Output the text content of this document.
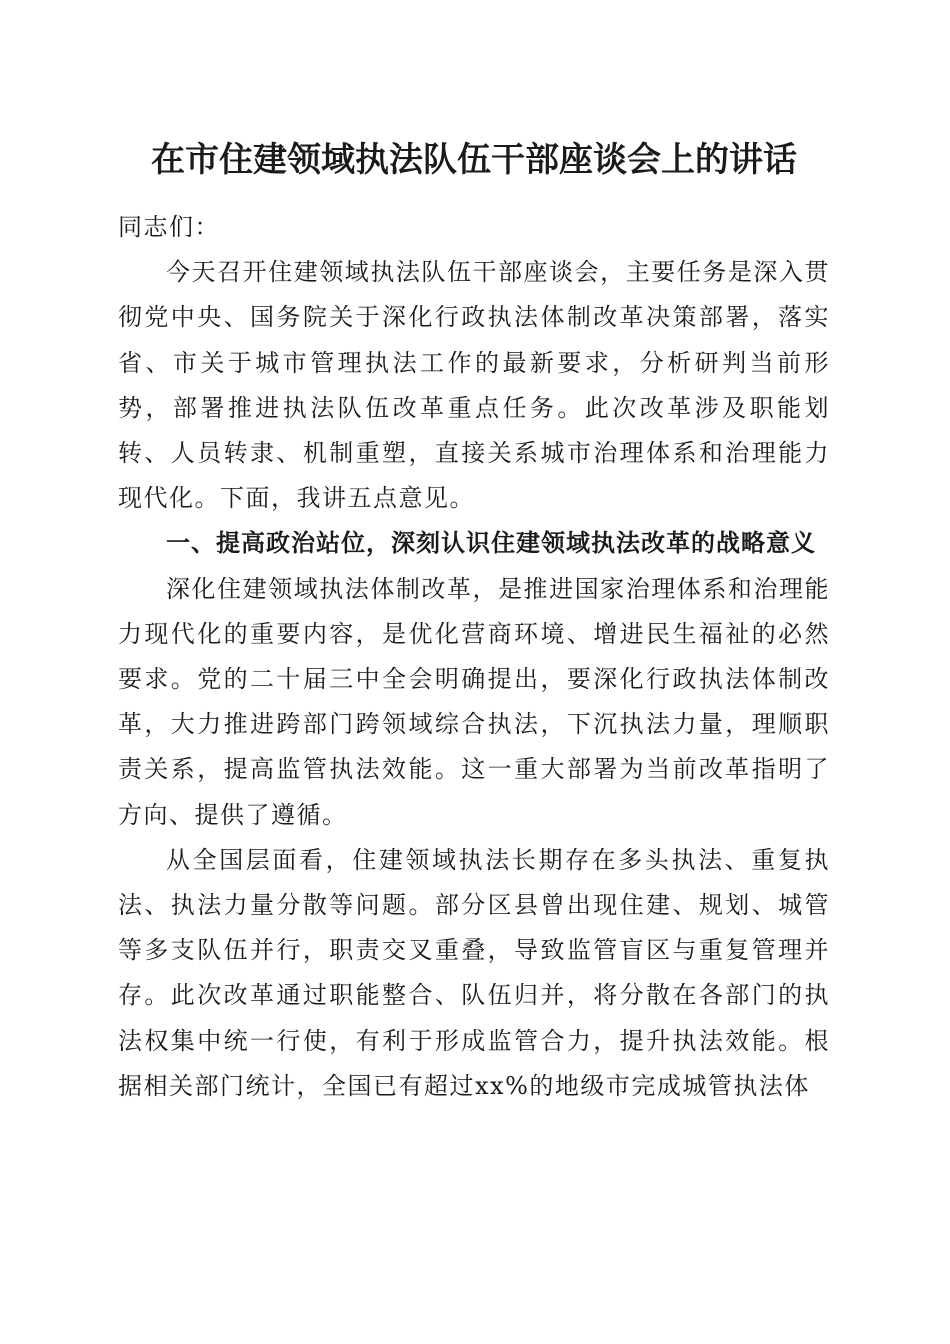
在市住建领域执法队伍干部座谈会上的讲话

同志们：

今天召开住建领域执法队伍干部座谈会，主要任务是深入贯彻党中央、国务院关于深化行政执法体制改革决策部署，落实省、市关于城市管理执法工作的最新要求，分析研判当前形势，部署推进执法队伍改革重点任务。此次改革涉及职能划转、人员转隶、机制重塑，直接关系城市治理体系和治理能力现代化。下面，我讲五点意见。

一、提高政治站位，深刻认识住建领域执法改革的战略意义

深化住建领域执法体制改革，是推进国家治理体系和治理能力现代化的重要内容，是优化营商环境、增进民生福祉的必然要求。党的二十届三中全会明确提出，要深化行政执法体制改革，大力推进跨部门跨领域综合执法，下沉执法力量，理顺职责关系，提高监管执法效能。这一重大部署为当前改革指明了方向、提供了遵循。

从全国层面看，住建领域执法长期存在多头执法、重复执法、执法力量分散等问题。部分区县曾出现住建、规划、城管等多支队伍并行，职责交叉重叠，导致监管盲区与重复管理并存。此次改革通过职能整合、队伍归并，将分散在各部门的执法权集中统一行使，有利于形成监管合力，提升执法效能。根据相关部门统计，全国已有超过xx%的地级市完成城管执法体
